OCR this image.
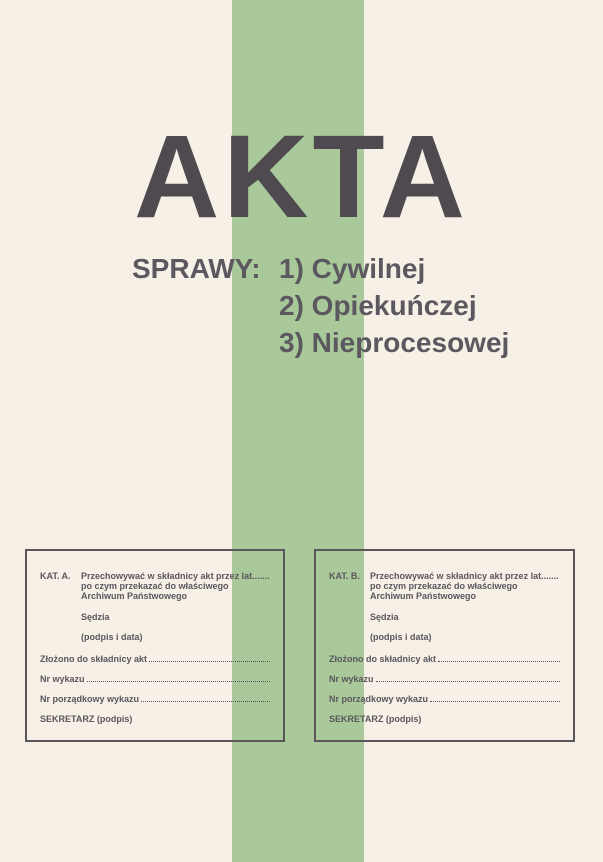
AKTA
SPRAWY: 1) Cywilnej
2) Opiekuńczej
3) Nieprocesowej
KAT. A. Przechowywać w składnicy akt przez lat.......
po czym przekazać do właściwego
Archiwum Państwowego
Sędzia
(podpis i data)
Złożono do składnicy akt
Nr wykazu
Nr porządkowy wykazu
SEKRETARZ (podpis)
KAT. B. Przechowywać w składnicy akt przez lat.......
po czym przekazać do właściwego
Archiwum Państwowego
Sędzia
(podpis i data)
Złożono do składnicy akt
Nr wykazu
Nr porządkowy wykazu
SEKRETARZ (podpis)
